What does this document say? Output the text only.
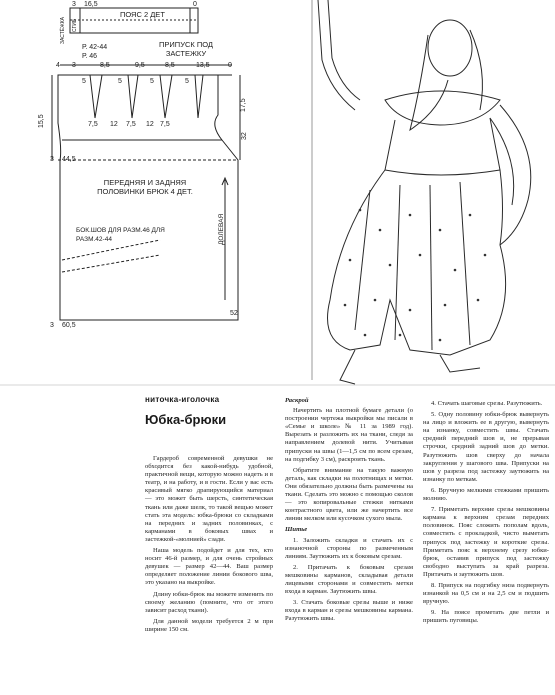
3 16,5	0
ПОЯС 2 ДЕТ
СГИБ
ЗАСТЁЖКА
Р. 42-44
Р. 46
ПРИПУСК ПОД ЗАСТЕЖКУ
4 3	8,5	9,5	8,5	13,5	0
5	5	5	5
7,5 12 7,5 12 7,5
15,5
17,5
32
3 44,5
3 60,5
52
ПЕРЕДНЯЯ И ЗАДНЯЯ ПОЛОВИНКИ БРЮК 4 ДЕТ.
БОК.ШОВ ДЛЯ РАЗМ.46 ДЛЯ РАЗМ.42-44	ДОЛЕВАЯ
ниточка-иголочка
Юбка-брюки

Гардероб современной девушки не обходится без какой-нибудь удобной, практичной вещи, которую можно надеть и в театр, и на работу, и в гости. Если у вас есть красивый мягко драпирующийся материал — это может быть шерсть, синтетическая ткань или даже шелк, то такой вещью может стать эта модель: юбка-брюки со складками на передних и задних половинках, с карманами в боковых швах и застежкой-«молнией» сзади.

Наша модель подойдет и для тех, кто носит 46-й размер, и для очень стройных девушек — размер 42—44. Ваш размер определяет положение линии бокового шва, это указано на выкройке.

Длину юбки-брюк вы можете изменить по своему желанию (помните, что от этого зависит расход ткани).

Для данной модели требуется 2 м при ширине 150 см.

Раскрой

Начертить на плотной бумаге детали (о построении чертежа выкройки мы писали в «Семье и школе» № 11 за 1989 год). Вырезать и разложить их на ткани, следя за направлением долевой нити. Учитывая припуски на швы (1—1,5 см по всем срезам, на подгибку 3 см), раскроить ткань.

Обратите внимание на такую важную деталь, как складки на полотнищах и метки. Они обязательно должны быть размечены на ткани. Сделать это можно с помощью сколов — это копировальные стежки нитками контрастного цвета, или же начертить все линии мелком или кусочком сухого мыла.

Шитье

1. Заложить складки и стачать их с изнаночной стороны по размеченным линиям. Заутюжить их к боковым срезам.

2. Притачать к боковым срезам мешковины карманов, складывая детали лицевыми сторонами и совместить метки входа в карман. Заутюжить швы.

3. Стачать боковые срезы выше и ниже входа в карман и срезы мешковины кармана. Разутюжить швы.

4. Стачать шаговые срезы. Разутюжить.

5. Одну половину юбки-брюк вывернуть на лицо и вложить ее в другую, вывернуть на изнанку, совместить швы. Стачать средний передний шов и, не прерывая строчки, средний задний шов до метки. Разутюжить шов сверху до начала закругления у шагового шва. Припуски на шов у разреза под застежку заутюжить на изнанку по меткам.

6. Вручную мелкими стежками пришить молнию.

7. Приметать верхние срезы мешковины кармана к верхним срезам передних половинок. Пояс сложить пополам вдоль, совместить с прокладкой, чисто выметать припуск под застежку и короткие срезы. Приметать пояс к верхнему срезу юбки-брюк, оставив припуск под застежку свободно выступать за край разреза. Притачать и заутюжить шов.

8. Припуск на подгибку низа подвернуть изнанкой на 0,5 см и на 2,5 см и подшить вручную.

9. На поясе прометать две петли и пришить пуговицы.
